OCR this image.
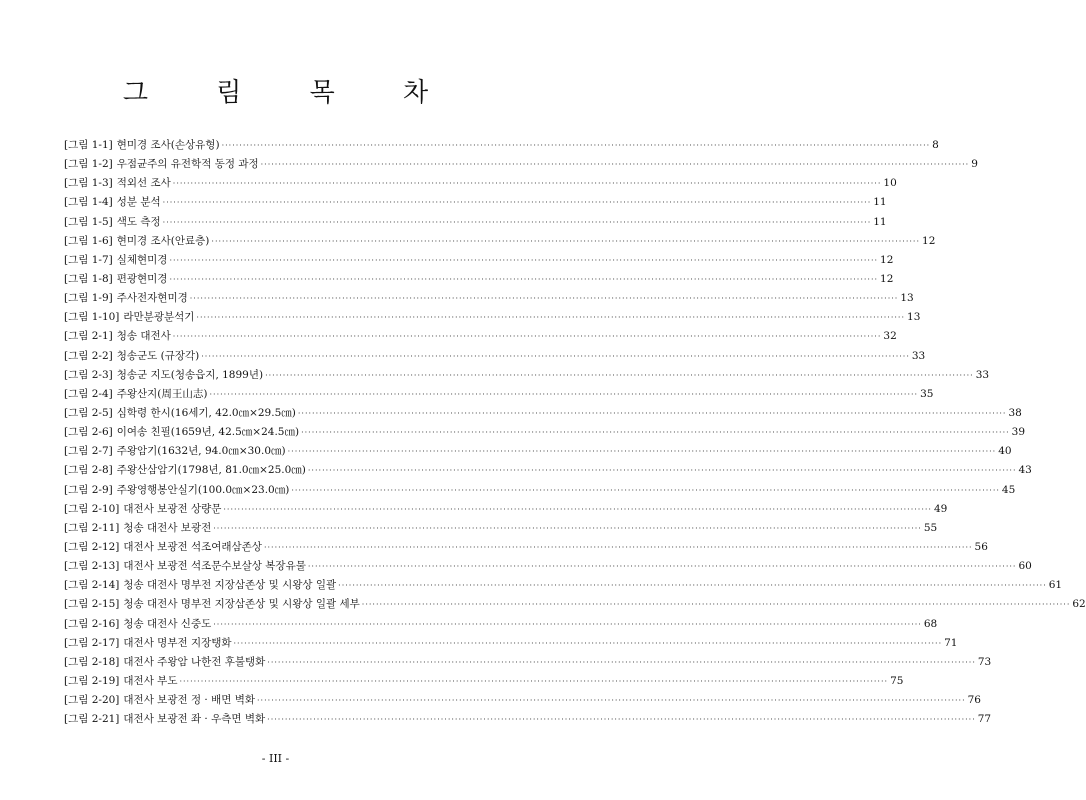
그 림 목 차
[그림 1-1] 현미경 조사(손상유형) ········································································································································································································ 8
[그림 1-2] 우점균주의 유전학적 동정 과정 ········································································································································································································ 9
[그림 1-3] 적외선 조사 ········································································································································································································ 10
[그림 1-4] 성분 분석 ········································································································································································································ 11
[그림 1-5] 색도 측정 ········································································································································································································ 11
[그림 1-6] 현미경 조사(안료층) ········································································································································································································ 12
[그림 1-7] 실체현미경 ········································································································································································································ 12
[그림 1-8] 편광현미경 ········································································································································································································ 12
[그림 1-9] 주사전자현미경 ········································································································································································································ 13
[그림 1-10] 라만분광분석기 ········································································································································································································ 13
[그림 2-1] 청송 대전사 ········································································································································································································ 32
[그림 2-2] 청송군도 (규장각) ········································································································································································································ 33
[그림 2-3] 청송군 지도(청송읍지, 1899년) ········································································································································································································ 33
[그림 2-4] 주왕산지(周王山志) ········································································································································································································ 35
[그림 2-5] 심학령 한시(16세기, 42.0㎝×29.5㎝) ········································································································································································································ 38
[그림 2-6] 이여송 친필(1659년, 42.5㎝×24.5㎝) ········································································································································································································ 39
[그림 2-7] 주왕암기(1632년, 94.0㎝×30.0㎝) ········································································································································································································ 40
[그림 2-8] 주왕산삼암기(1798년, 81.0㎝×25.0㎝) ········································································································································································································ 43
[그림 2-9] 주왕영행봉안실기(100.0㎝×23.0㎝) ········································································································································································································ 45
[그림 2-10] 대전사 보광전 상량문 ········································································································································································································ 49
[그림 2-11] 청송 대전사 보광전 ········································································································································································································ 55
[그림 2-12] 대전사 보광전 석조여래삼존상 ········································································································································································································ 56
[그림 2-13] 대전사 보광전 석조문수보살상 복장유물 ········································································································································································································ 60
[그림 2-14] 청송 대전사 명부전 지장삼존상 및 시왕상 일괄 ········································································································································································································ 61
[그림 2-15] 청송 대전사 명부전 지장삼존상 및 시왕상 일괄 세부 ········································································································································································································ 62
[그림 2-16] 청송 대전사 신중도 ········································································································································································································ 68
[그림 2-17] 대전사 명부전 지장탱화 ········································································································································································································ 71
[그림 2-18] 대전사 주왕암 나한전 후불탱화 ········································································································································································································ 73
[그림 2-19] 대전사 부도 ········································································································································································································ 75
[그림 2-20] 대전사 보광전 정 · 배면 벽화 ········································································································································································································ 76
[그림 2-21] 대전사 보광전 좌 · 우측면 벽화 ········································································································································································································ 77
- III -
